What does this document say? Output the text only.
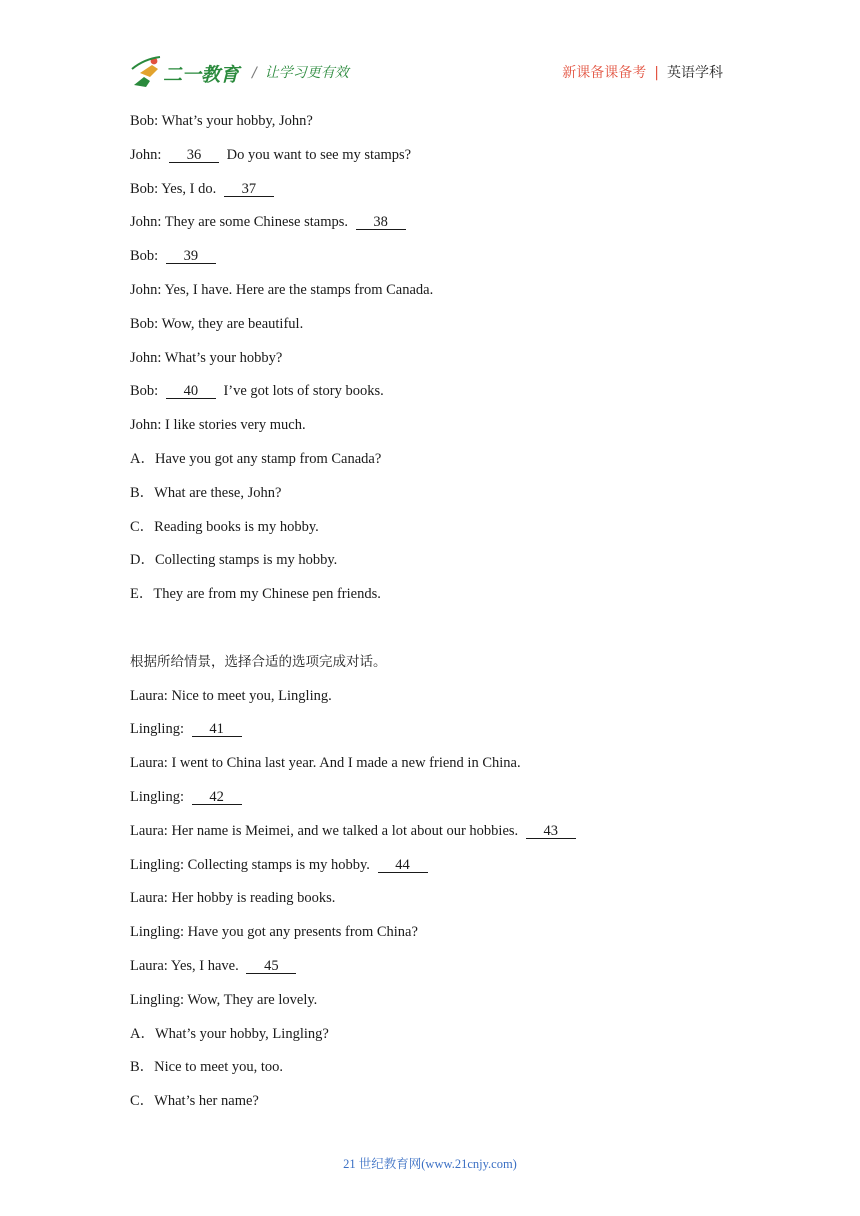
二一教育 / 让学习更有效	新课备课备考 | 英语学科
Bob: What’s your hobby, John?
John: 36 Do you want to see my stamps?
Bob: Yes, I do. 37
John: They are some Chinese stamps. 38
Bob: 39
John: Yes, I have. Here are the stamps from Canada.
Bob: Wow, they are beautiful.
John: What’s your hobby?
Bob: 40 I’ve got lots of story books.
John: I like stories very much.
A．Have you got any stamp from Canada?
B．What are these, John?
C．Reading books is my hobby.
D．Collecting stamps is my hobby.
E．They are from my Chinese pen friends.
根据所给情景，选择合适的选项完成对话。
Laura: Nice to meet you, Lingling.
Lingling: 41
Laura: I went to China last year. And I made a new friend in China.
Lingling: 42
Laura: Her name is Meimei, and we talked a lot about our hobbies. 43
Lingling: Collecting stamps is my hobby. 44
Laura: Her hobby is reading books.
Lingling: Have you got any presents from China?
Laura: Yes, I have. 45
Lingling: Wow, They are lovely.
A．What’s your hobby, Lingling?
B．Nice to meet you, too.
C．What’s her name?
21 世纪教育网(www.21cnjy.com)
